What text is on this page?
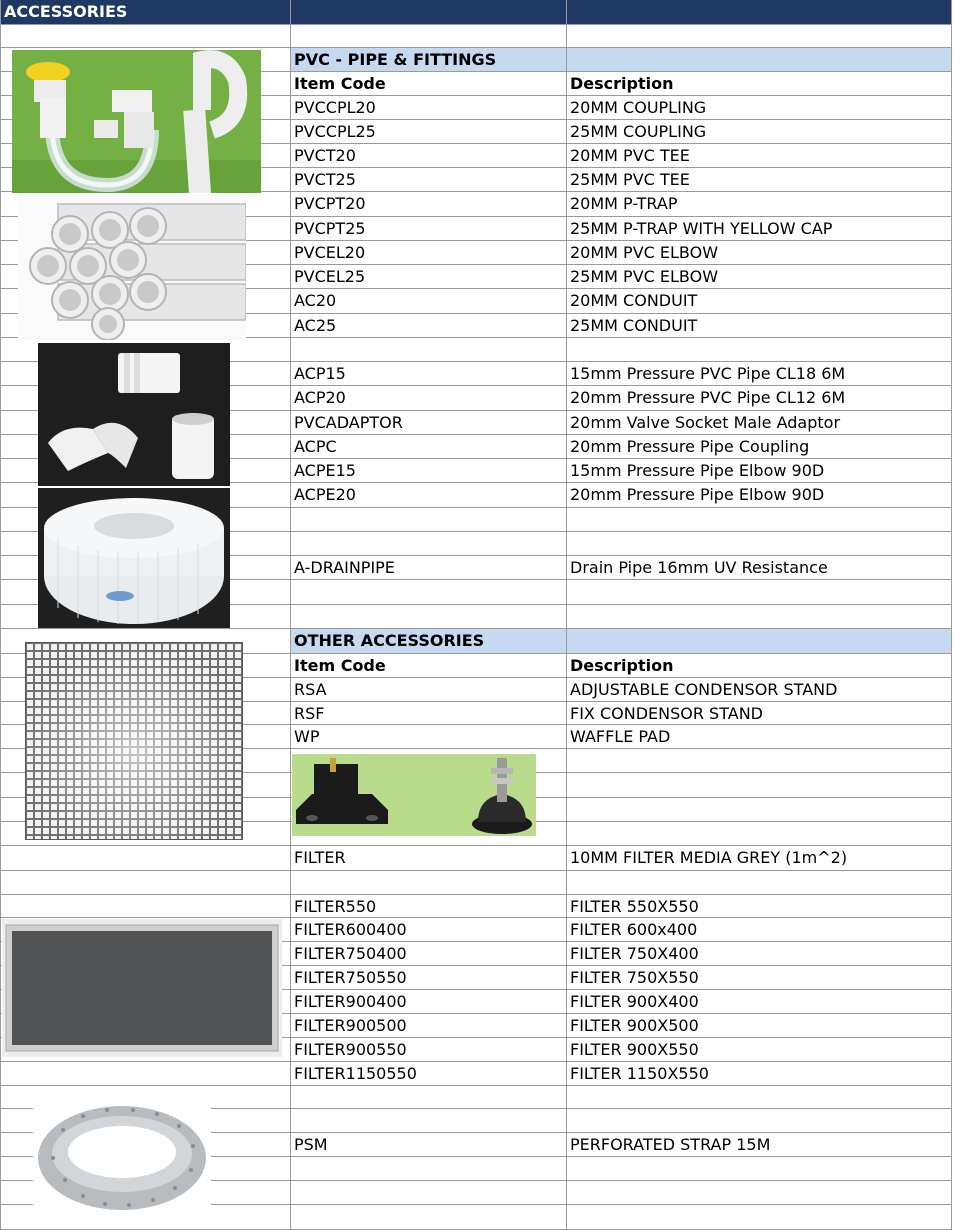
ACCESSORIES
PVC - PIPE & FITTINGS
Item Code	Description
PVCCPL20	20MM COUPLING
PVCCPL25	25MM COUPLING
PVCT20	20MM PVC TEE
PVCT25	25MM PVC TEE
PVCPT20	20MM P-TRAP
PVCPT25	25MM P-TRAP WITH YELLOW CAP
PVCEL20	20MM PVC ELBOW
PVCEL25	25MM PVC ELBOW
AC20	20MM CONDUIT
AC25	25MM CONDUIT
ACP15	15mm Pressure PVC Pipe CL18 6M
ACP20	20mm Pressure PVC Pipe CL12 6M
PVCADAPTOR	20mm Valve Socket Male Adaptor
ACPC	20mm Pressure Pipe Coupling
ACPE15	15mm Pressure Pipe Elbow 90D
ACPE20	20mm Pressure Pipe Elbow 90D
A-DRAINPIPE	Drain Pipe 16mm UV Resistance
OTHER ACCESSORIES
Item Code	Description
RSA	ADJUSTABLE CONDENSOR STAND
RSF	FIX CONDENSOR STAND
WP	WAFFLE PAD
FILTER	10MM FILTER MEDIA GREY (1m^2)
FILTER550	FILTER 550X550
FILTER600400	FILTER 600x400
FILTER750400	FILTER 750X400
FILTER750550	FILTER 750X550
FILTER900400	FILTER 900X400
FILTER900500	FILTER 900X500
FILTER900550	FILTER 900X550
FILTER1150550	FILTER 1150X550
PSM	PERFORATED STRAP 15M
